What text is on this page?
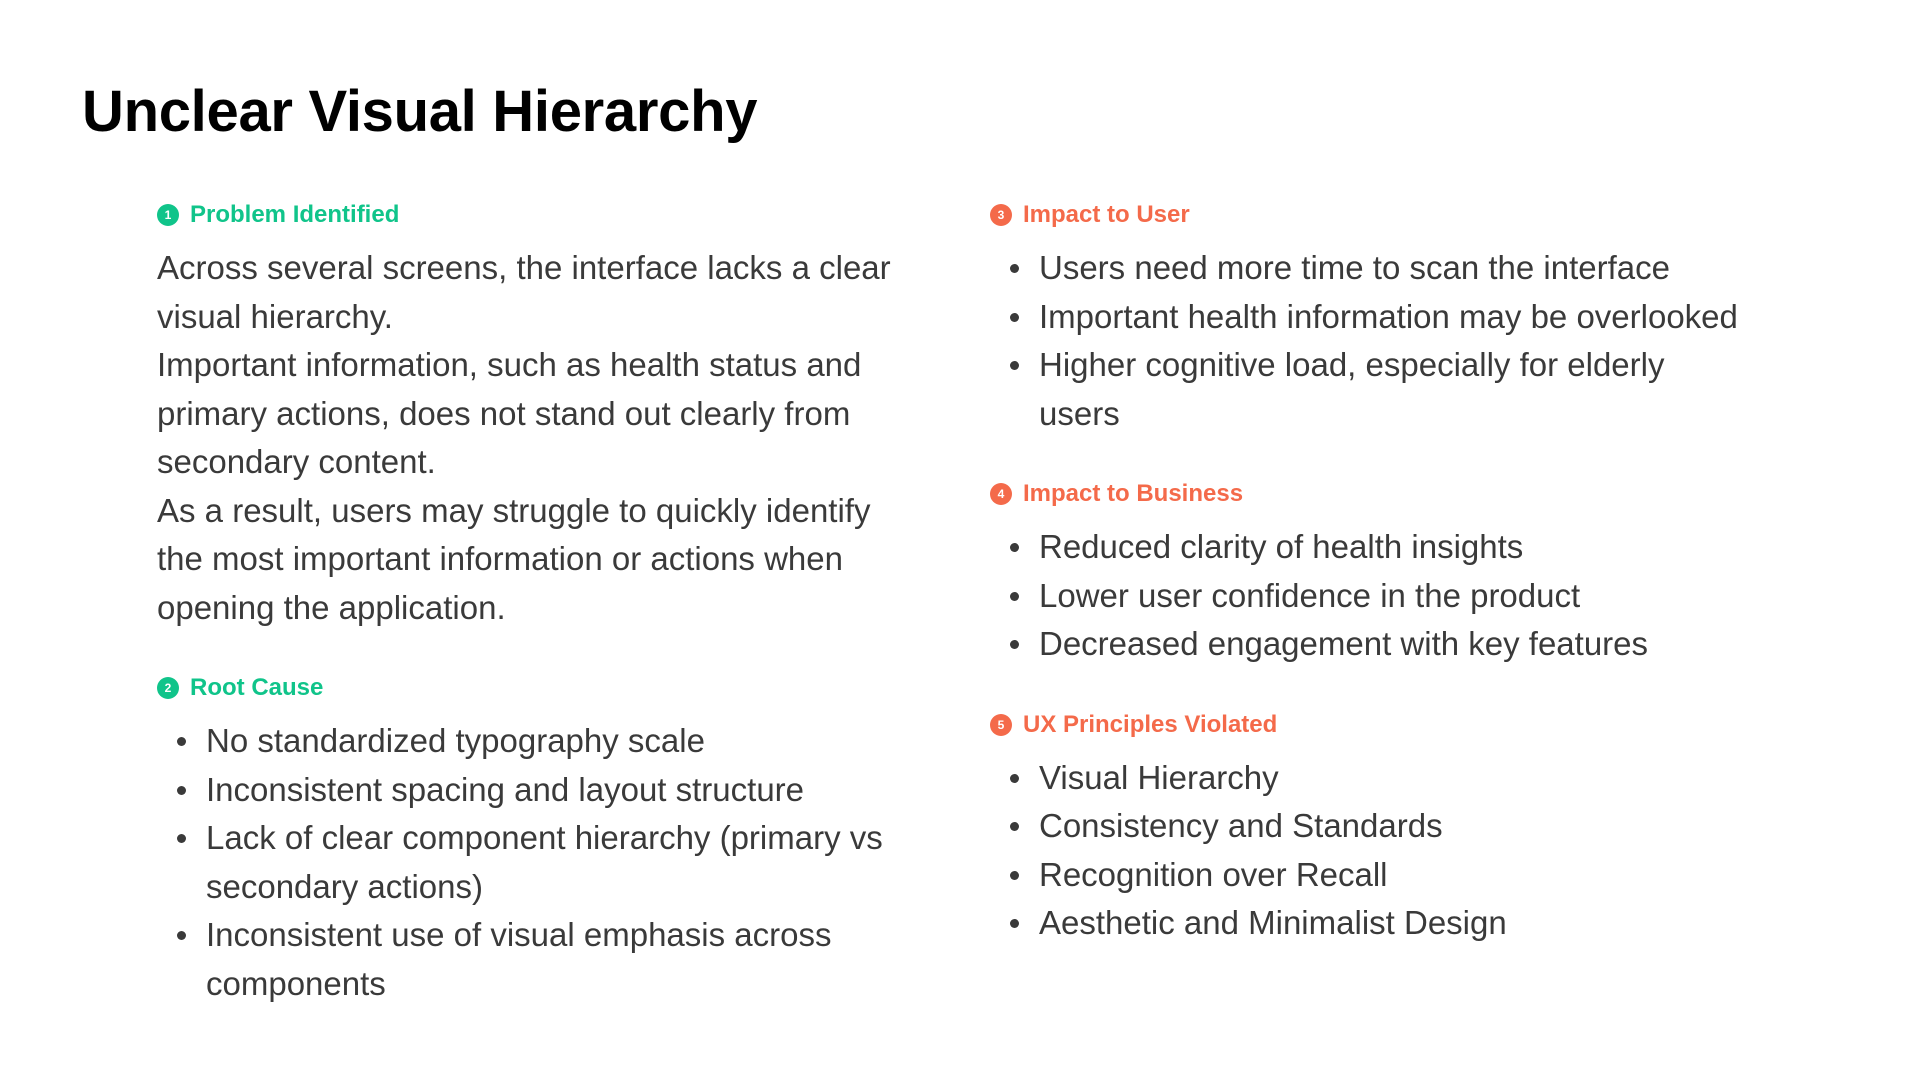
Unclear Visual Hierarchy
1 Problem Identified

Across several screens, the interface lacks a clear visual hierarchy.

Important information, such as health status and primary actions, does not stand out clearly from secondary content.

As a result, users may struggle to quickly identify the most important information or actions when opening the application.

2 Root Cause
No standardized typography scale
Inconsistent spacing and layout structure
Lack of clear component hierarchy (primary vs secondary actions)
Inconsistent use of visual emphasis across components
3 Impact to User
Users need more time to scan the interface
Important health information may be overlooked
Higher cognitive load, especially for elderly users
4 Impact to Business
Reduced clarity of health insights
Lower user confidence in the product
Decreased engagement with key features
5 UX Principles Violated
Visual Hierarchy
Consistency and Standards
Recognition over Recall
Aesthetic and Minimalist Design
